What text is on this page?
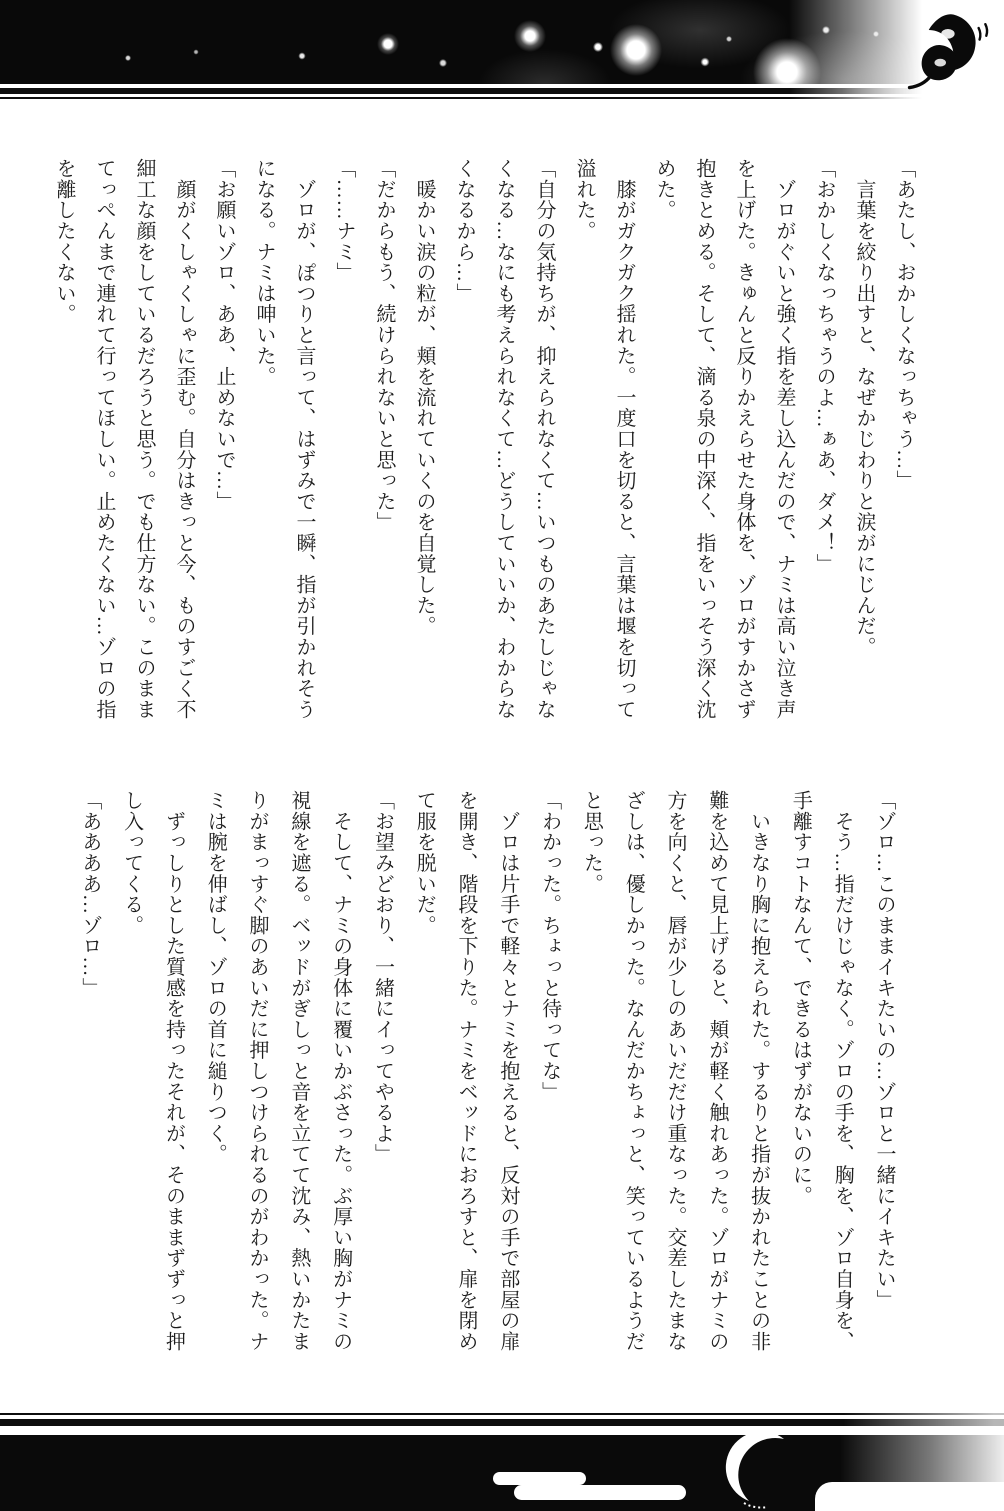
「あたし、おかしくなっちゃう…」

　言葉を絞り出すと、なぜかじわりと涙がにじんだ。

「おかしくなっちゃうのよ…ぁあ、ダメ！」

　ゾロがぐいと強く指を差し込んだので、ナミは高い泣き声

を上げた。きゅんと反りかえらせた身体を、ゾロがすかさず

抱きとめる。そして、滴る泉の中深く、指をいっそう深く沈

めた。

　膝がガクガク揺れた。一度口を切ると、言葉は堰を切って

溢れた。

「自分の気持ちが、抑えられなくて…いつものあたしじゃな

くなる…なにも考えられなくて…どうしていいか、わからな

くなるから…」

　暖かい涙の粒が、頬を流れていくのを自覚した。

「だからもう、続けられないと思った」

「……ナミ」

　ゾロが、ぽつりと言って、はずみで一瞬、指が引かれそう

になる。ナミは呻いた。

「お願いゾロ、ああ、止めないで…」

　顔がくしゃくしゃに歪む。自分はきっと今、ものすごく不

細工な顔をしているだろうと思う。でも仕方ない。このまま

てっぺんまで連れて行ってほしい。止めたくない…ゾロの指

を離したくない。

「ゾロ…このままイキたいの…ゾロと一緒にイキたい」

　そう…指だけじゃなく。ゾロの手を、胸を、ゾロ自身を、

手離すコトなんて、できるはずがないのに。

　いきなり胸に抱えられた。するりと指が抜かれたことの非

難を込めて見上げると、頬が軽く触れあった。ゾロがナミの

方を向くと、唇が少しのあいだだけ重なった。交差したまな

ざしは、優しかった。なんだかちょっと、笑っているようだ

と思った。

「わかった。ちょっと待ってな」

　ゾロは片手で軽々とナミを抱えると、反対の手で部屋の扉

を開き、階段を下りた。ナミをベッドにおろすと、扉を閉め

て服を脱いだ。

「お望みどおり、一緒にイってやるよ」

　そして、ナミの身体に覆いかぶさった。ぶ厚い胸がナミの

視線を遮る。ベッドがぎしっと音を立てて沈み、熱いかたま

りがまっすぐ脚のあいだに押しつけられるのがわかった。ナ

ミは腕を伸ばし、ゾロの首に縋りつく。

　ずっしりとした質感を持ったそれが、そのままずずっと押

し入ってくる。

「ああああ…ゾロ…」
